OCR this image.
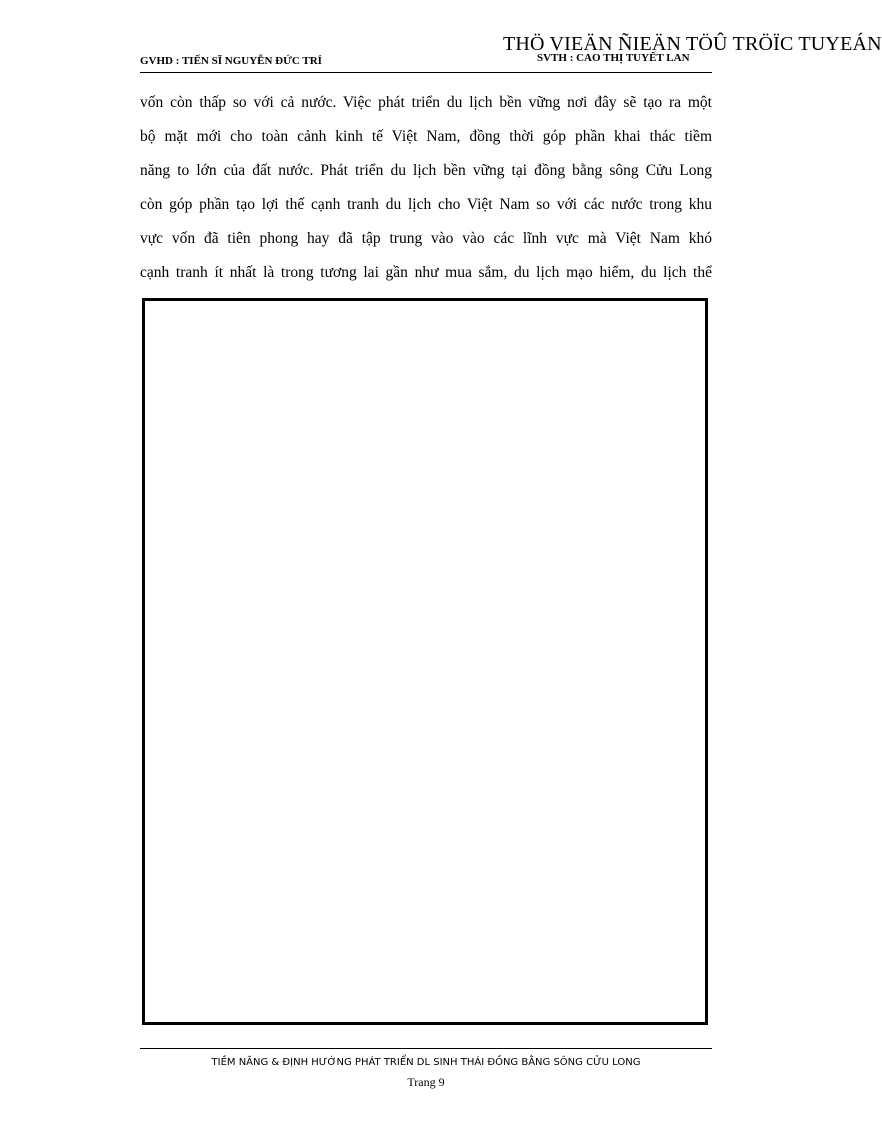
THÖ VIEÄN ÑIEÄN TÖÛ TRÖÏC TUYEÁN
GVHD : TIẾN SĨ NGUYỄN ĐỨC TRÍ	SVTH : CAO THỊ TUYẾT LAN
vốn còn thấp so với cả nước. Việc phát triển du lịch bền vững nơi đây sẽ tạo ra một
bộ mặt mới cho toàn cảnh kinh tế Việt Nam, đồng thời góp phần khai thác tiềm
năng to lớn của đất nước. Phát triển du lịch bền vững tại đồng bằng sông Cửu Long
còn góp phần tạo lợi thế cạnh tranh du lịch cho Việt Nam so với các nước trong khu
vực vốn đã tiên phong hay đã tập trung vào vào các lĩnh vực mà Việt Nam khó
cạnh tranh ít nhất là trong tương lai gần như mua sắm, du lịch mạo hiểm, du lịch thể
TIỀM NĂNG & ĐỊNH HƯỚNG PHÁT TRIỂN DL SINH THÁI ĐỒNG BẰNG SÔNG CỬU LONG
Trang 9
